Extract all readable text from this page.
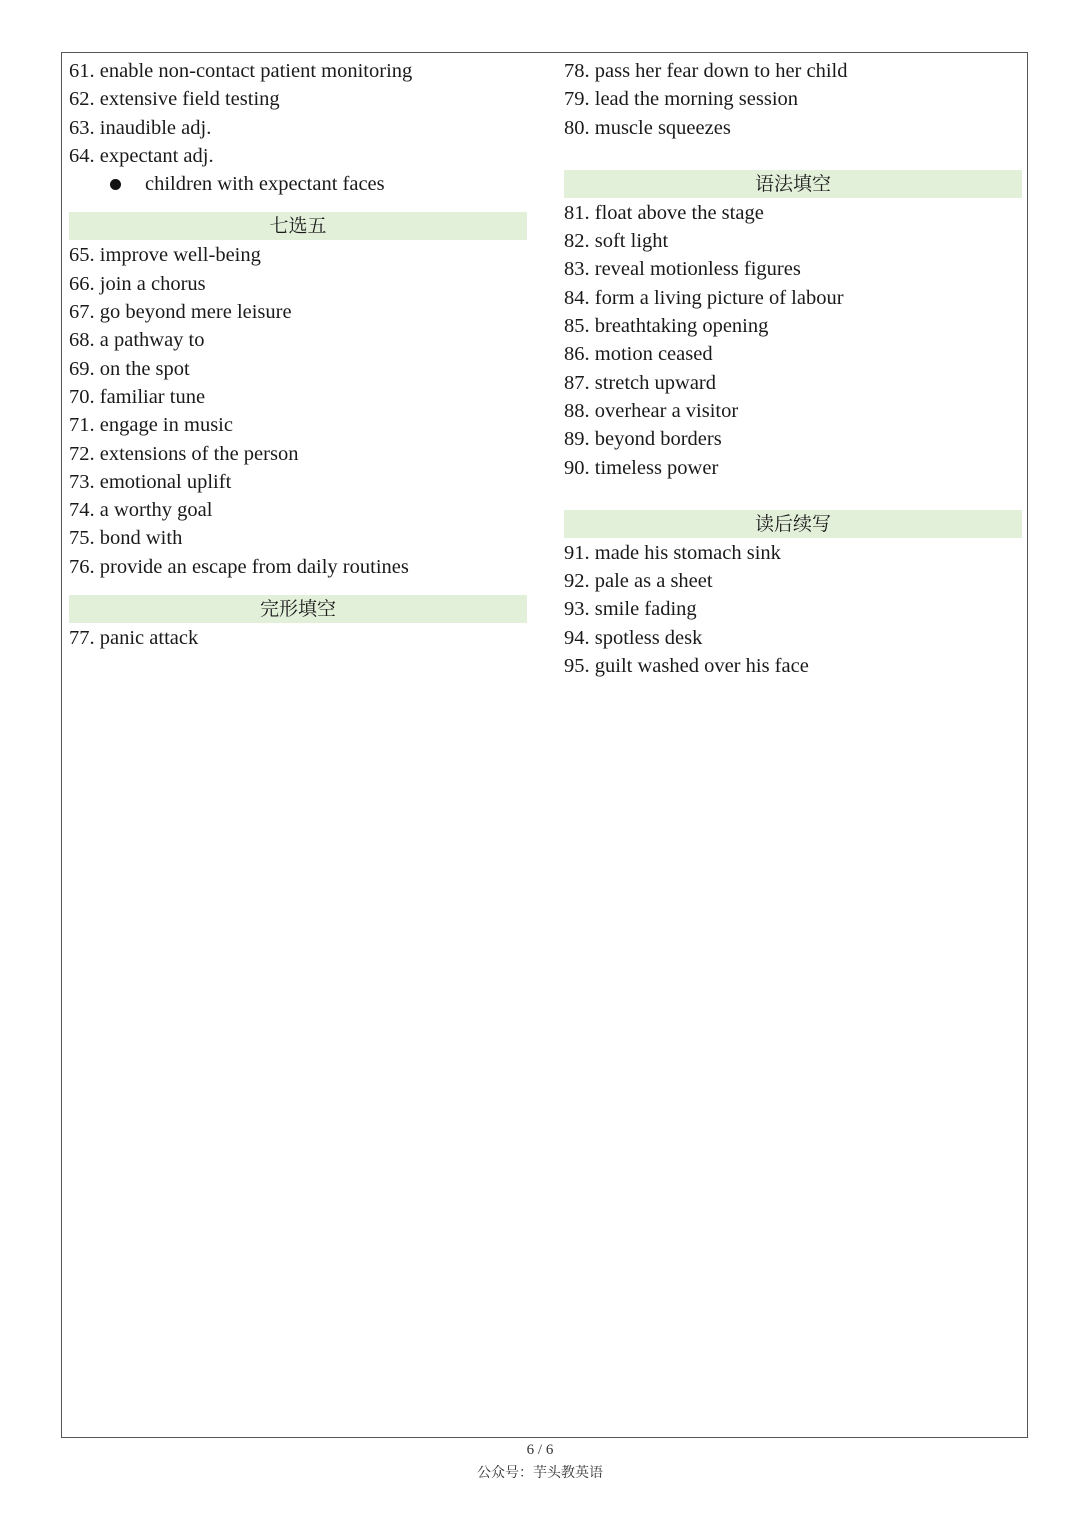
61. enable non-contact patient monitoring
62. extensive field testing
63. inaudible adj.
64. expectant adj.
children with expectant faces
七选五
65. improve well-being
66. join a chorus
67. go beyond mere leisure
68. a pathway to
69. on the spot
70. familiar tune
71. engage in music
72. extensions of the person
73. emotional uplift
74. a worthy goal
75. bond with
76. provide an escape from daily routines
完形填空
77. panic attack
78. pass her fear down to her child
79. lead the morning session
80. muscle squeezes
语法填空
81. float above the stage
82. soft light
83. reveal motionless figures
84. form a living picture of labour
85. breathtaking opening
86. motion ceased
87. stretch upward
88. overhear a visitor
89. beyond borders
90. timeless power
读后续写
91. made his stomach sink
92. pale as a sheet
93. smile fading
94. spotless desk
95. guilt washed over his face
6 / 6
公众号：芋头教英语
